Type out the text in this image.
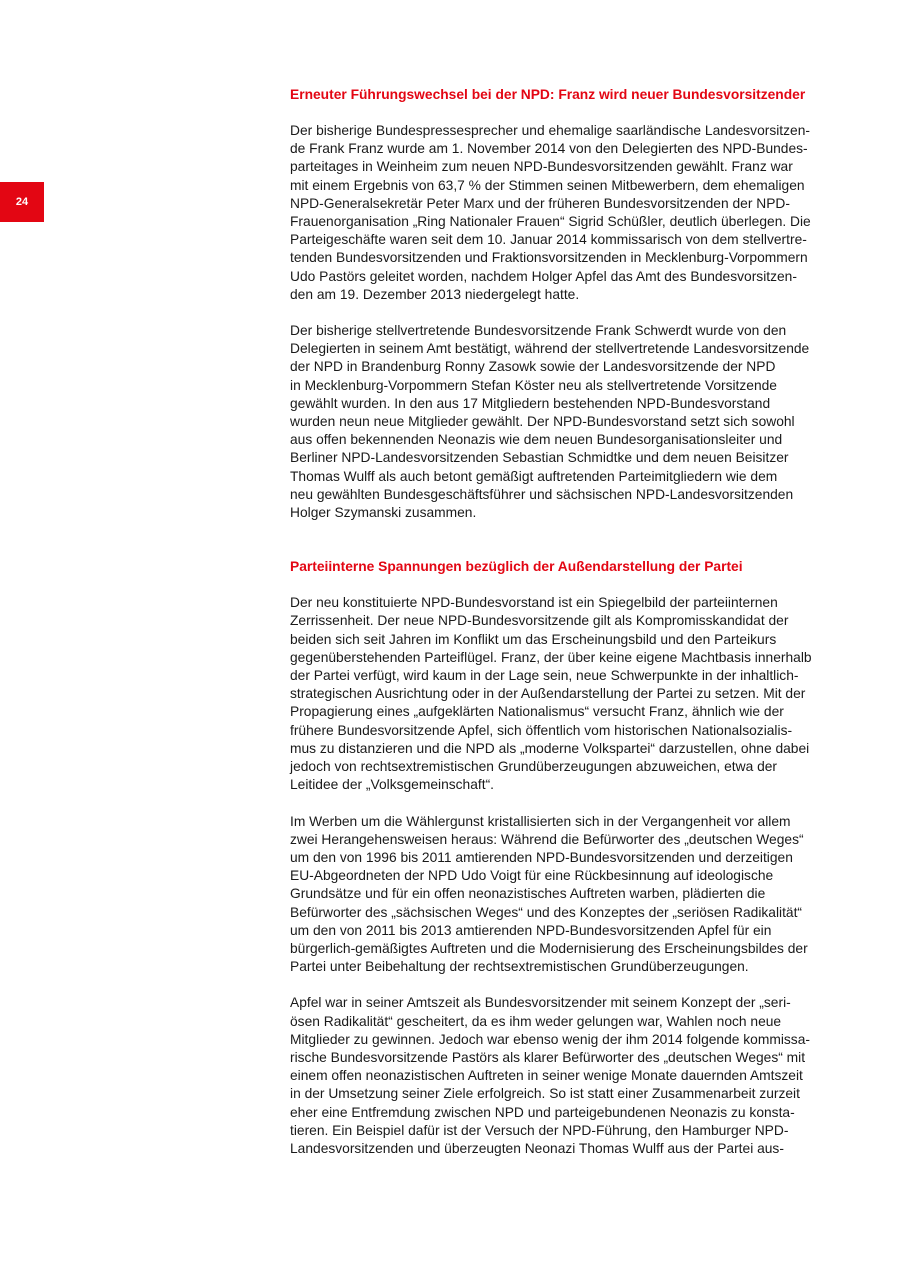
24
Erneuter Führungswechsel bei der NPD: Franz wird neuer Bundesvorsitzender

Der bisherige Bundespressesprecher und ehemalige saarländische Landesvorsitzen-
de Frank Franz wurde am 1. November 2014 von den Delegierten des NPD-Bundes-
parteitages in Weinheim zum neuen NPD-Bundesvorsitzenden gewählt. Franz war
mit einem Ergebnis von 63,7 % der Stimmen seinen Mitbewerbern, dem ehemaligen
NPD-Generalsekretär Peter Marx und der früheren Bundesvorsitzenden der NPD-
Frauenorganisation „Ring Nationaler Frauen“ Sigrid Schüßler, deutlich überlegen. Die
Parteigeschäfte waren seit dem 10. Januar 2014 kommissarisch von dem stellvertre-
tenden Bundesvorsitzenden und Fraktionsvorsitzenden in Mecklenburg-Vorpommern
Udo Pastörs geleitet worden, nachdem Holger Apfel das Amt des Bundesvorsitzen-
den am 19. Dezember 2013 niedergelegt hatte.

Der bisherige stellvertretende Bundesvorsitzende Frank Schwerdt wurde von den
Delegierten in seinem Amt bestätigt, während der stellvertretende Landesvorsitzende
der NPD in Brandenburg Ronny Zasowk sowie der Landesvorsitzende der NPD
in Mecklenburg-Vorpommern Stefan Köster neu als stellvertretende Vorsitzende
gewählt wurden. In den aus 17 Mitgliedern bestehenden NPD-Bundesvorstand
wurden neun neue Mitglieder gewählt. Der NPD-Bundesvorstand setzt sich sowohl
aus offen bekennenden Neonazis wie dem neuen Bundesorganisationsleiter und
Berliner NPD-Landesvorsitzenden Sebastian Schmidtke und dem neuen Beisitzer
Thomas Wulff als auch betont gemäßigt auftretenden Parteimitgliedern wie dem
neu gewählten Bundesgeschäftsführer und sächsischen NPD-Landesvorsitzenden
Holger Szymanski zusammen.

Parteiinterne Spannungen bezüglich der Außendarstellung der Partei

Der neu konstituierte NPD-Bundesvorstand ist ein Spiegelbild der parteiinternen
Zerrissenheit. Der neue NPD-Bundesvorsitzende gilt als Kompromisskandidat der
beiden sich seit Jahren im Konflikt um das Erscheinungsbild und den Parteikurs
gegenüberstehenden Parteiflügel. Franz, der über keine eigene Machtbasis innerhalb
der Partei verfügt, wird kaum in der Lage sein, neue Schwerpunkte in der inhaltlich-
strategischen Ausrichtung oder in der Außendarstellung der Partei zu setzen. Mit der
Propagierung eines „aufgeklärten Nationalismus“ versucht Franz, ähnlich wie der
frühere Bundesvorsitzende Apfel, sich öffentlich vom historischen Nationalsozialis-
mus zu distanzieren und die NPD als „moderne Volkspartei“ darzustellen, ohne dabei
jedoch von rechtsextremistischen Grundüberzeugungen abzuweichen, etwa der
Leitidee der „Volksgemeinschaft“.

Im Werben um die Wählergunst kristallisierten sich in der Vergangenheit vor allem
zwei Herangehensweisen heraus: Während die Befürworter des „deutschen Weges“
um den von 1996 bis 2011 amtierenden NPD-Bundesvorsitzenden und derzeitigen
EU-Abgeordneten der NPD Udo Voigt für eine Rückbesinnung auf ideologische
Grundsätze und für ein offen neonazistisches Auftreten warben, plädierten die
Befürworter des „sächsischen Weges“ und des Konzeptes der „seriösen Radikalität“
um den von 2011 bis 2013 amtierenden NPD-Bundesvorsitzenden Apfel für ein
bürgerlich-gemäßigtes Auftreten und die Modernisierung des Erscheinungsbildes der
Partei unter Beibehaltung der rechtsextremistischen Grundüberzeugungen.

Apfel war in seiner Amtszeit als Bundesvorsitzender mit seinem Konzept der „seri-
ösen Radikalität“ gescheitert, da es ihm weder gelungen war, Wahlen noch neue
Mitglieder zu gewinnen. Jedoch war ebenso wenig der ihm 2014 folgende kommissa-
rische Bundesvorsitzende Pastörs als klarer Befürworter des „deutschen Weges“ mit
einem offen neonazistischen Auftreten in seiner wenige Monate dauernden Amtszeit
in der Umsetzung seiner Ziele erfolgreich. So ist statt einer Zusammenarbeit zurzeit
eher eine Entfremdung zwischen NPD und parteigebundenen Neonazis zu konsta-
tieren. Ein Beispiel dafür ist der Versuch der NPD-Führung, den Hamburger NPD-
Landesvorsitzenden und überzeugten Neonazi Thomas Wulff aus der Partei aus-
